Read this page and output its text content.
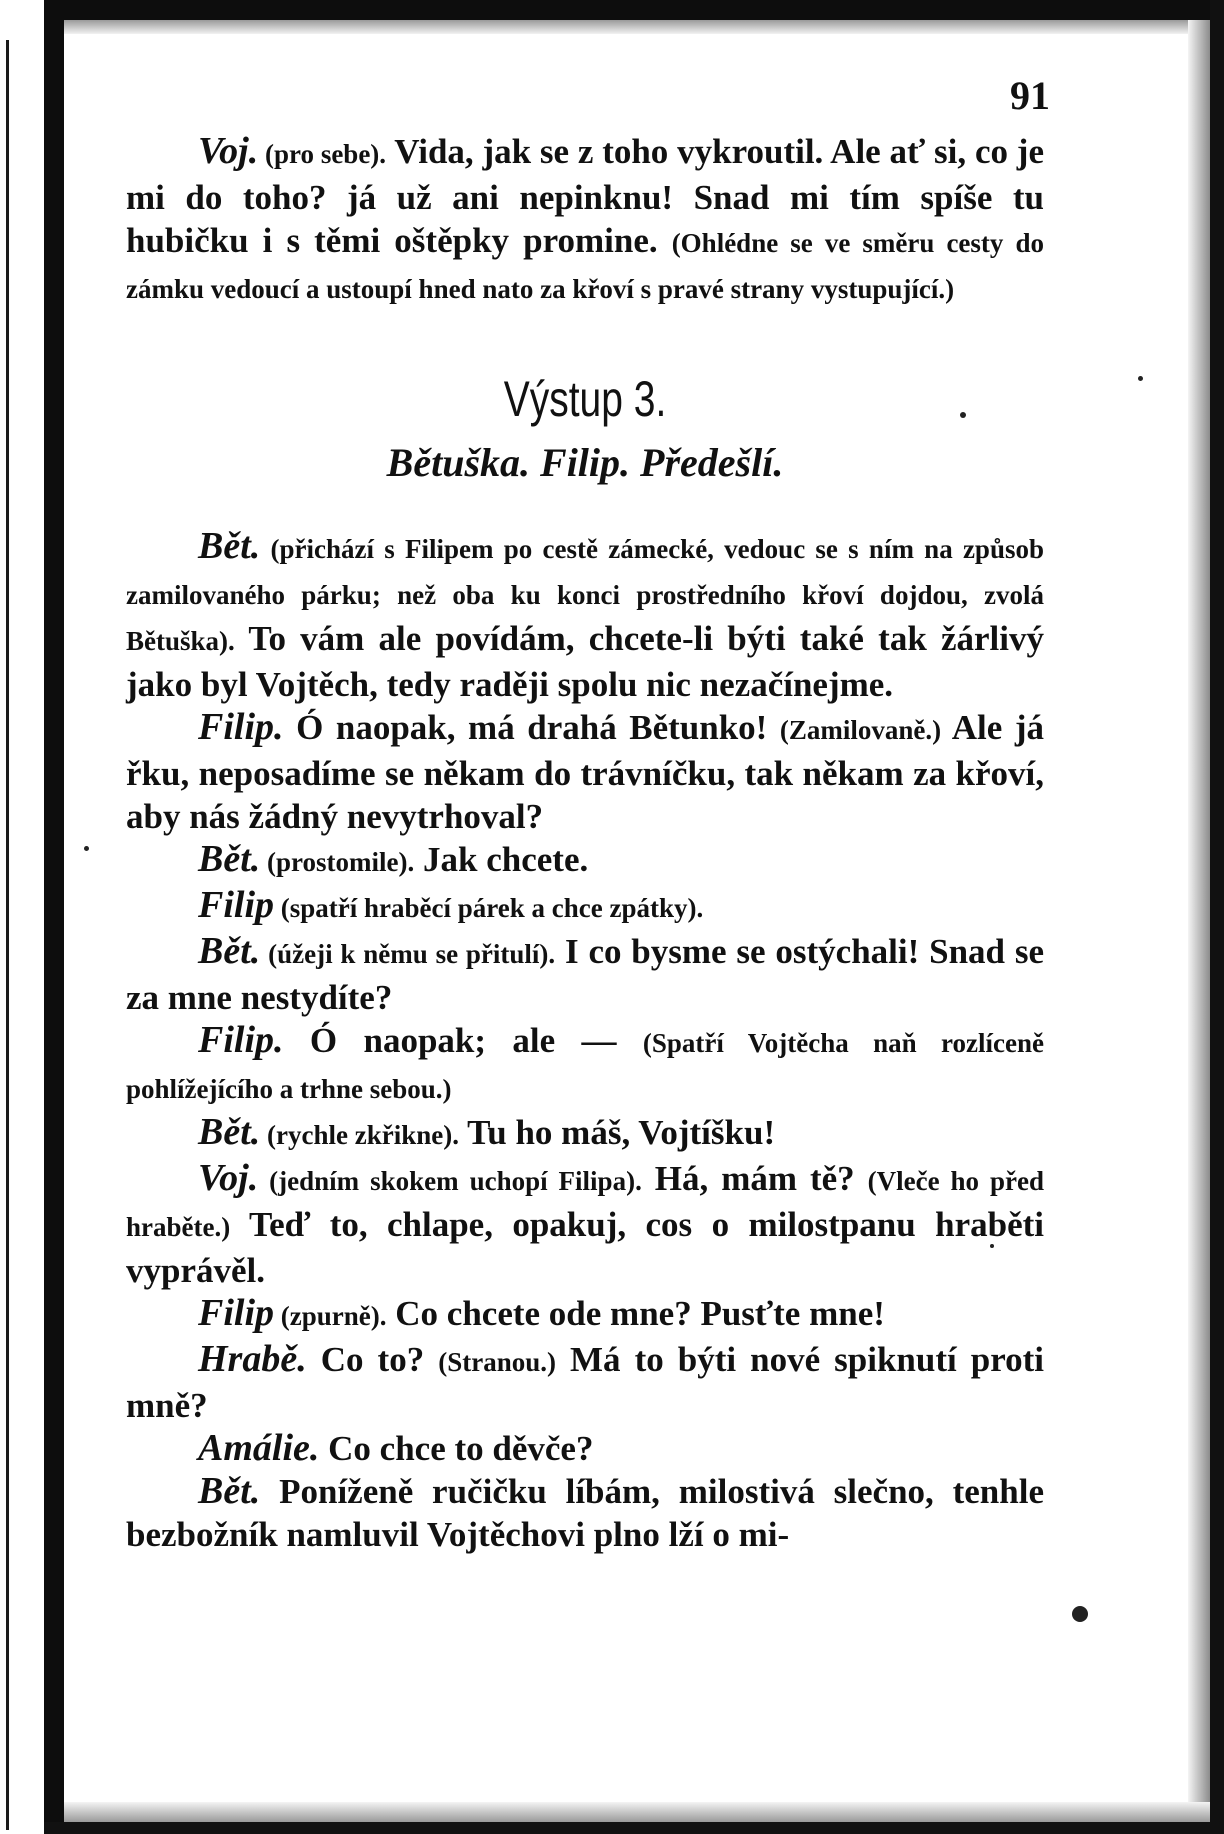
91

Voj. (pro sebe). Vida, jak se z toho vykroutil. Ale ať si, co je mi do toho? já už ani nepinknu! Snad mi tím spíše tu hubičku i s těmi oštěpky promine. (Ohlédne se ve směru cesty do zámku vedoucí a ustoupí hned nato za křoví s pravé strany vystupující.)

Výstup 3.
Bětuška. Filip. Předešlí.

Bět. (přichází s Filipem po cestě zámecké, vedouc se s ním na způsob zamilovaného párku; než oba ku konci prostředního křoví dojdou, zvolá Bětuška). To vám ale povídám, chcete-li býti také tak žárlivý jako byl Vojtěch, tedy raději spolu nic nezačínejme.

Filip. Ó naopak, má drahá Bětunko! (Zamilovaně.) Ale já řku, neposadíme se někam do trávníčku, tak někam za křoví, aby nás žádný nevytrhoval?

Bět. (prostomile). Jak chcete.

Filip (spatří hraběcí párek a chce zpátky).

Bět. (úžeji k němu se přitulí). I co bysme se ostýchali! Snad se za mne nestydíte?

Filip. Ó naopak; ale — (Spatří Vojtěcha naň rozlíceně pohlížejícího a trhne sebou.)

Bět. (rychle zkřikne). Tu ho máš, Vojtíšku!

Voj. (jedním skokem uchopí Filipa). Há, mám tě? (Vleče ho před hraběte.) Teď to, chlape, opakuj, cos o milostpanu hraběti vyprávěl.

Filip (zpurně). Co chcete ode mne? Pusťte mne!

Hrabě. Co to? (Stranou.) Má to býti nové spiknutí proti mně?

Amálie. Co chce to děvče?

Bět. Poníženě ručičku líbám, milostivá slečno, tenhle bezbožník namluvil Vojtěchovi plno lží o mi-
